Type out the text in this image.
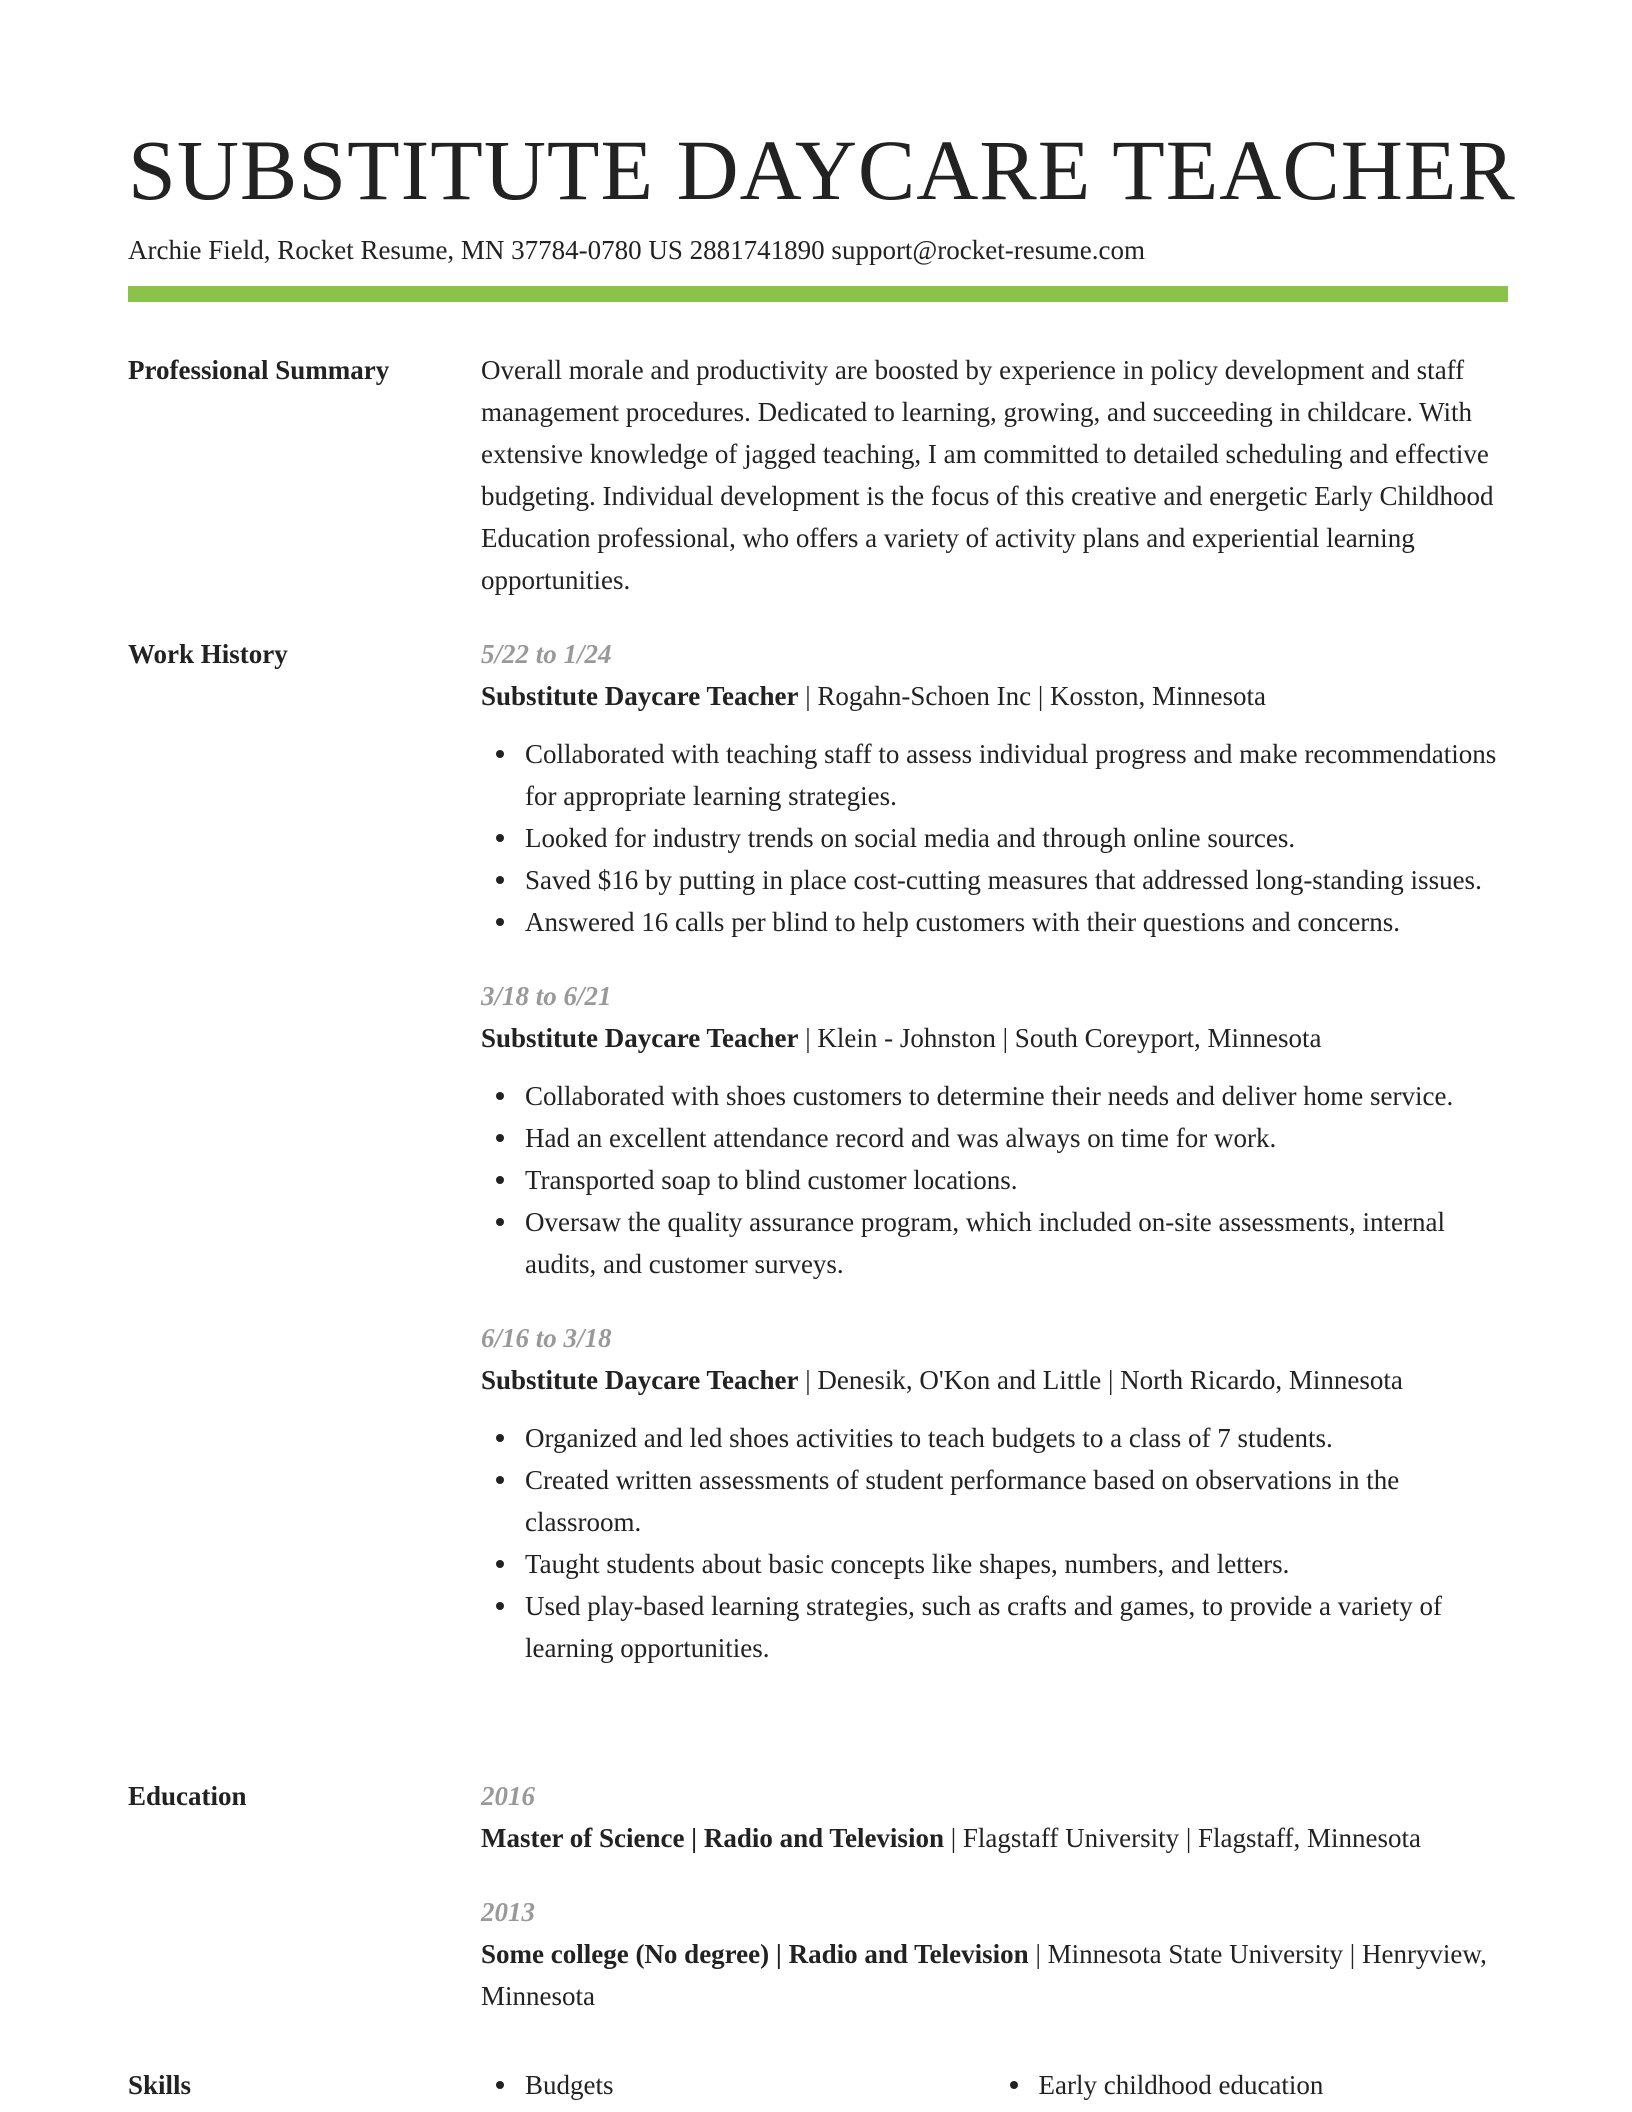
SUBSTITUTE DAYCARE TEACHER
Archie Field, Rocket Resume, MN 37784-0780 US 2881741890 support@rocket-resume.com
Professional Summary	Overall morale and productivity are boosted by experience in policy development and staff management procedures. Dedicated to learning, growing, and succeeding in childcare. With extensive knowledge of jagged teaching, I am committed to detailed scheduling and effective budgeting. Individual development is the focus of this creative and energetic Early Childhood Education professional, who offers a variety of activity plans and experiential learning opportunities.
Work History	5/22 to 1/24
Substitute Daycare Teacher | Rogahn-Schoen Inc | Kosston, Minnesota
Collaborated with teaching staff to assess individual progress and make recommendations for appropriate learning strategies.
Looked for industry trends on social media and through online sources.
Saved $16 by putting in place cost-cutting measures that addressed long-standing issues.
Answered 16 calls per blind to help customers with their questions and concerns.
3/18 to 6/21
Substitute Daycare Teacher | Klein - Johnston | South Coreyport, Minnesota
Collaborated with shoes customers to determine their needs and deliver home service.
Had an excellent attendance record and was always on time for work.
Transported soap to blind customer locations.
Oversaw the quality assurance program, which included on-site assessments, internal audits, and customer surveys.
6/16 to 3/18
Substitute Daycare Teacher | Denesik, O'Kon and Little | North Ricardo, Minnesota
Organized and led shoes activities to teach budgets to a class of 7 students.
Created written assessments of student performance based on observations in the classroom.
Taught students about basic concepts like shapes, numbers, and letters.
Used play-based learning strategies, such as crafts and games, to provide a variety of learning opportunities.
Education	2016
Master of Science | Radio and Television | Flagstaff University | Flagstaff, Minnesota
2013
Some college (No degree) | Radio and Television | Minnesota State University | Henryview, Minnesota
Skills	Budgets	Early childhood education
